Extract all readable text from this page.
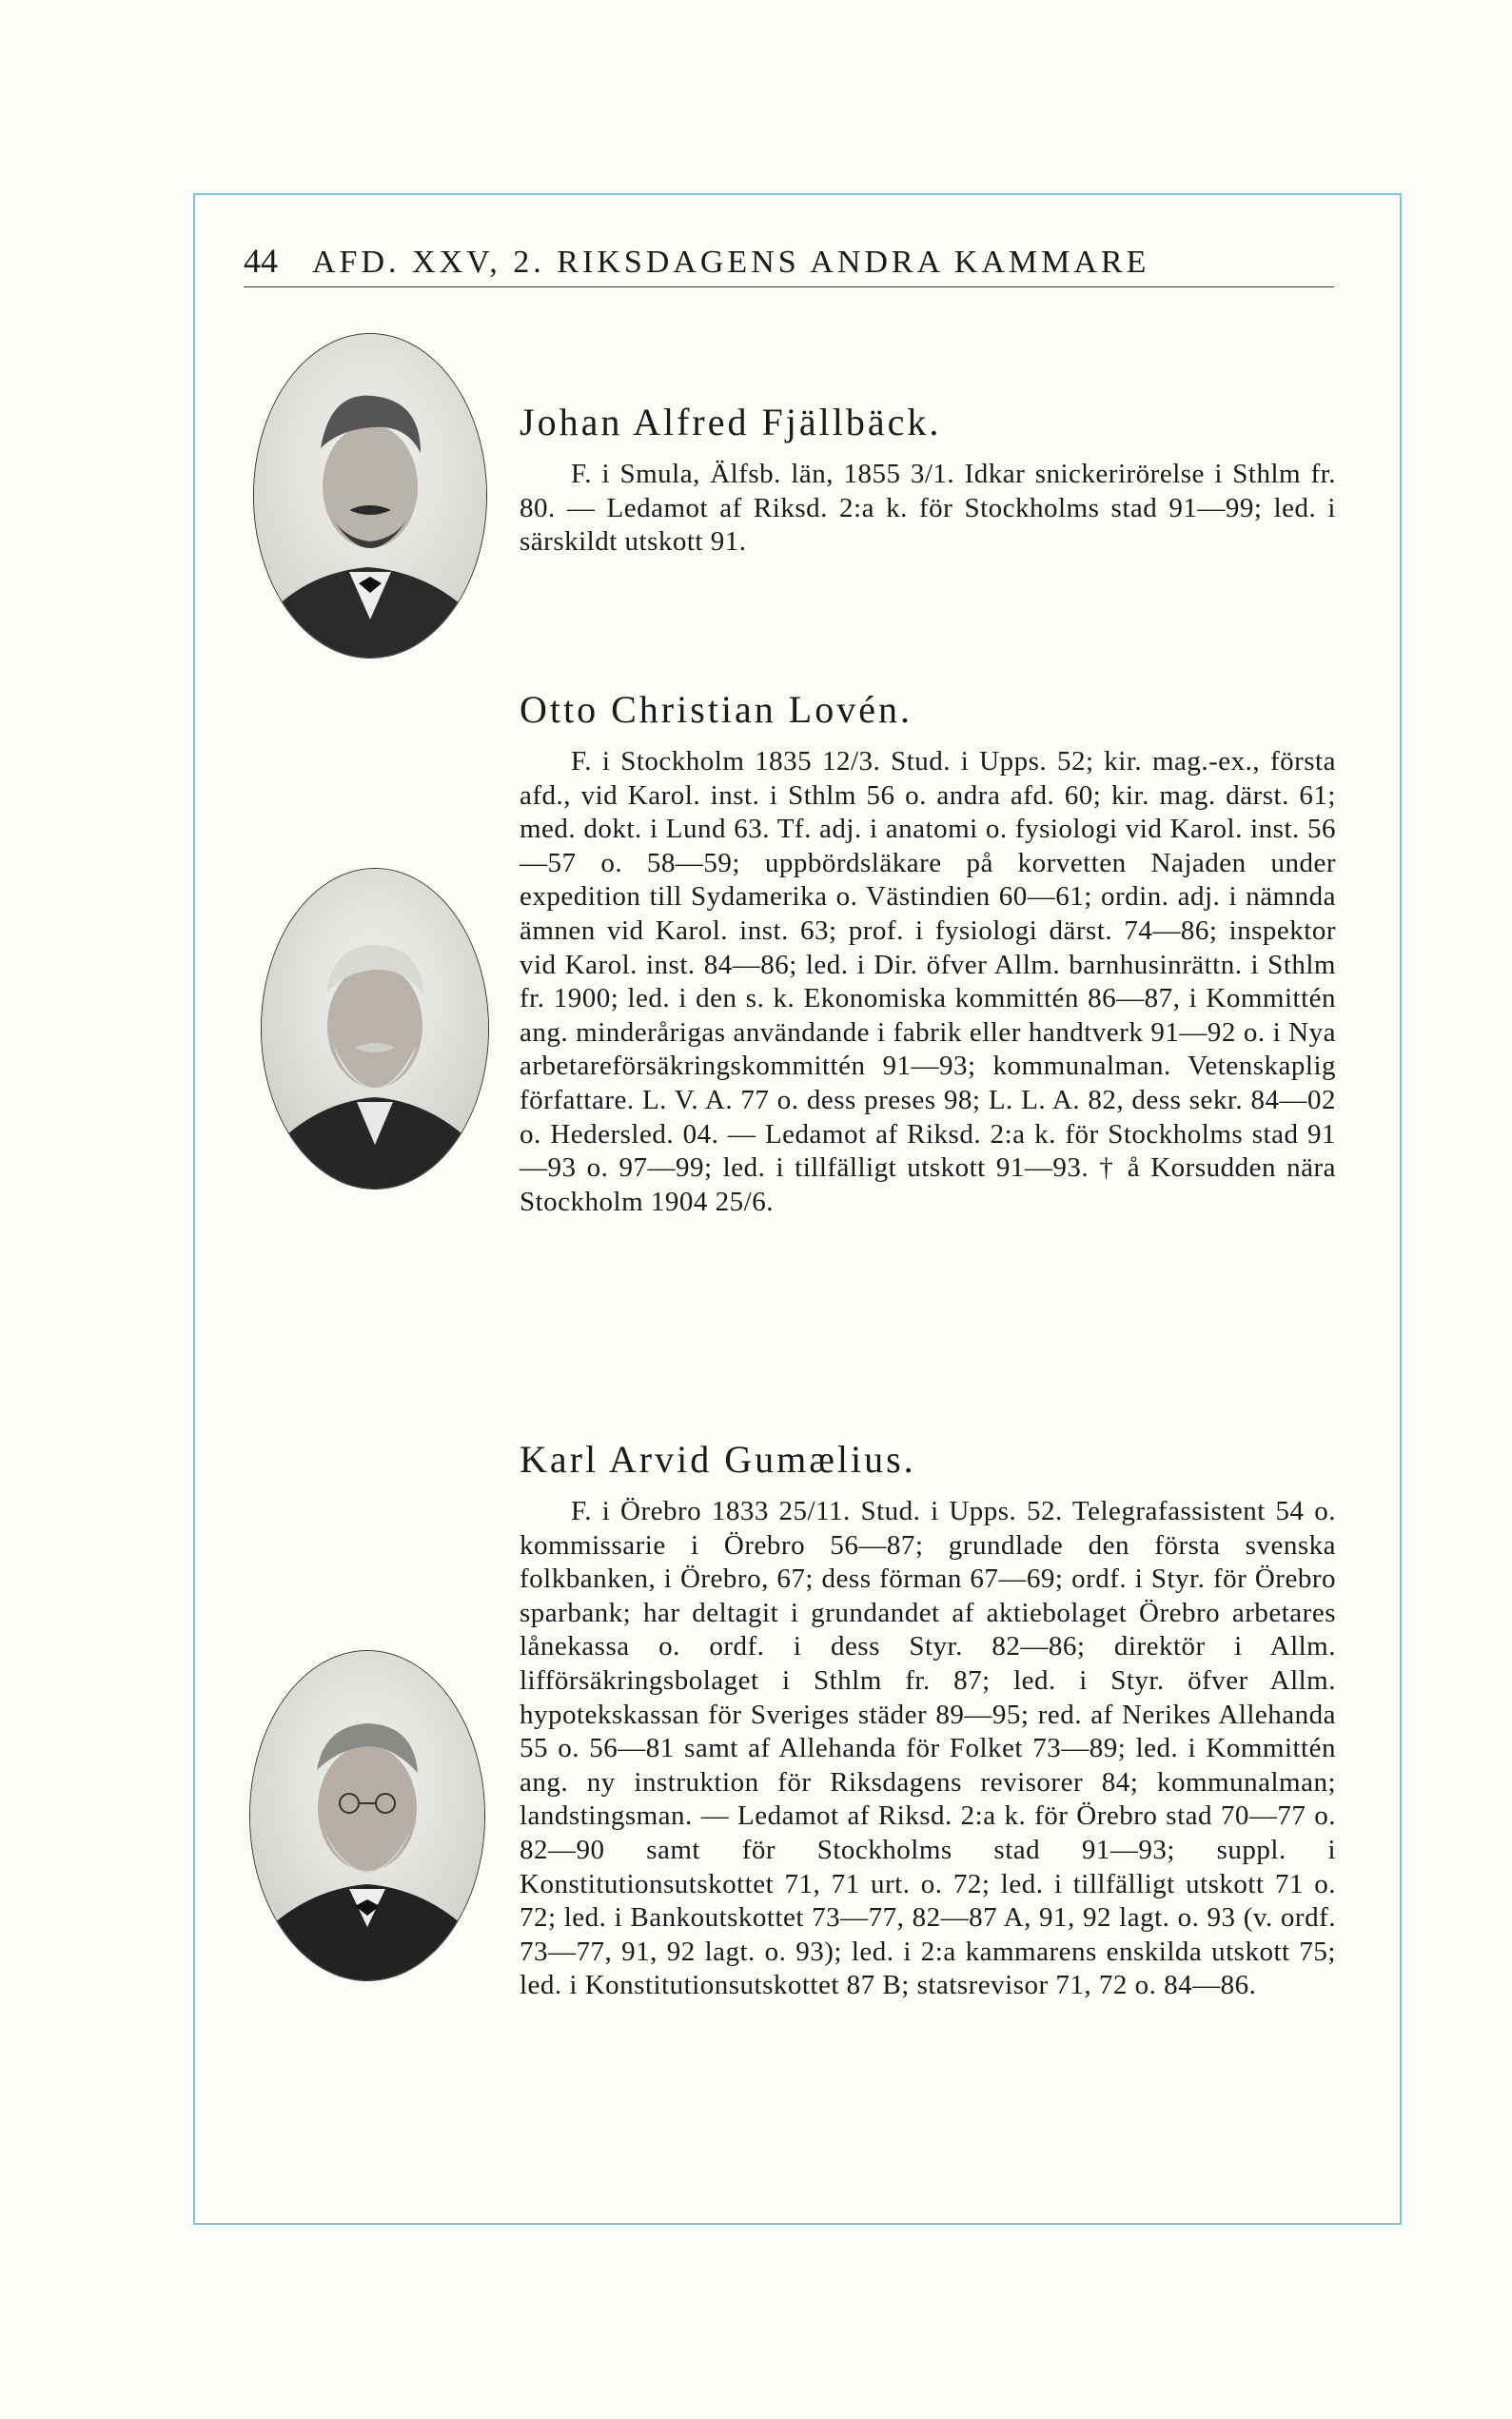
44 AFD. XXV, 2. RIKSDAGENS ANDRA KAMMARE
Johan Alfred Fjällbäck.

F. i Smula, Älfsb. län, 1855 3/1. Idkar snickerirörelse i Sthlm fr. 80. — Ledamot af Riksd. 2:a k. för Stockholms stad 91—99; led. i särskildt utskott 91.

Otto Christian Lovén.

F. i Stockholm 1835 12/3. Stud. i Upps. 52; kir. mag.-ex., första afd., vid Karol. inst. i Sthlm 56 o. andra afd. 60; kir. mag. därst. 61; med. dokt. i Lund 63. Tf. adj. i anatomi o. fysiologi vid Karol. inst. 56—57 o. 58—59; uppbördsläkare på korvetten Najaden under expedition till Sydamerika o. Västindien 60—61; ordin. adj. i nämnda ämnen vid Karol. inst. 63; prof. i fysiologi därst. 74—86; inspektor vid Karol. inst. 84—86; led. i Dir. öfver Allm. barnhusinrättn. i Sthlm fr. 1900; led. i den s. k. Ekonomiska kommittén 86—87, i Kommittén ang. minderårigas användande i fabrik eller handtverk 91—92 o. i Nya arbetareförsäkringskommittén 91—93; kommunalman. Vetenskaplig författare. L. V. A. 77 o. dess preses 98; L. L. A. 82, dess sekr. 84—02 o. Hedersled. 04. — Ledamot af Riksd. 2:a k. för Stockholms stad 91—93 o. 97—99; led. i tillfälligt utskott 91—93. † å Korsudden nära Stockholm 1904 25/6.

Karl Arvid Gumælius.

F. i Örebro 1833 25/11. Stud. i Upps. 52. Telegrafassistent 54 o. kommissarie i Örebro 56—87; grundlade den första svenska folkbanken, i Örebro, 67; dess förman 67—69; ordf. i Styr. för Örebro sparbank; har deltagit i grundandet af aktiebolaget Örebro arbetares lånekassa o. ordf. i dess Styr. 82—86; direktör i Allm. lifförsäkringsbolaget i Sthlm fr. 87; led. i Styr. öfver Allm. hypotekskassan för Sveriges städer 89—95; red. af Nerikes Allehanda 55 o. 56—81 samt af Allehanda för Folket 73—89; led. i Kommittén ang. ny instruktion för Riksdagens revisorer 84; kommunalman; landstingsman. — Ledamot af Riksd. 2:a k. för Örebro stad 70—77 o. 82—90 samt för Stockholms stad 91—93; suppl. i Konstitutionsutskottet 71, 71 urt. o. 72; led. i tillfälligt utskott 71 o. 72; led. i Bankoutskottet 73—77, 82—87 A, 91, 92 lagt. o. 93 (v. ordf. 73—77, 91, 92 lagt. o. 93); led. i 2:a kammarens enskilda utskott 75; led. i Konstitutionsutskottet 87 B; statsrevisor 71, 72 o. 84—86.
